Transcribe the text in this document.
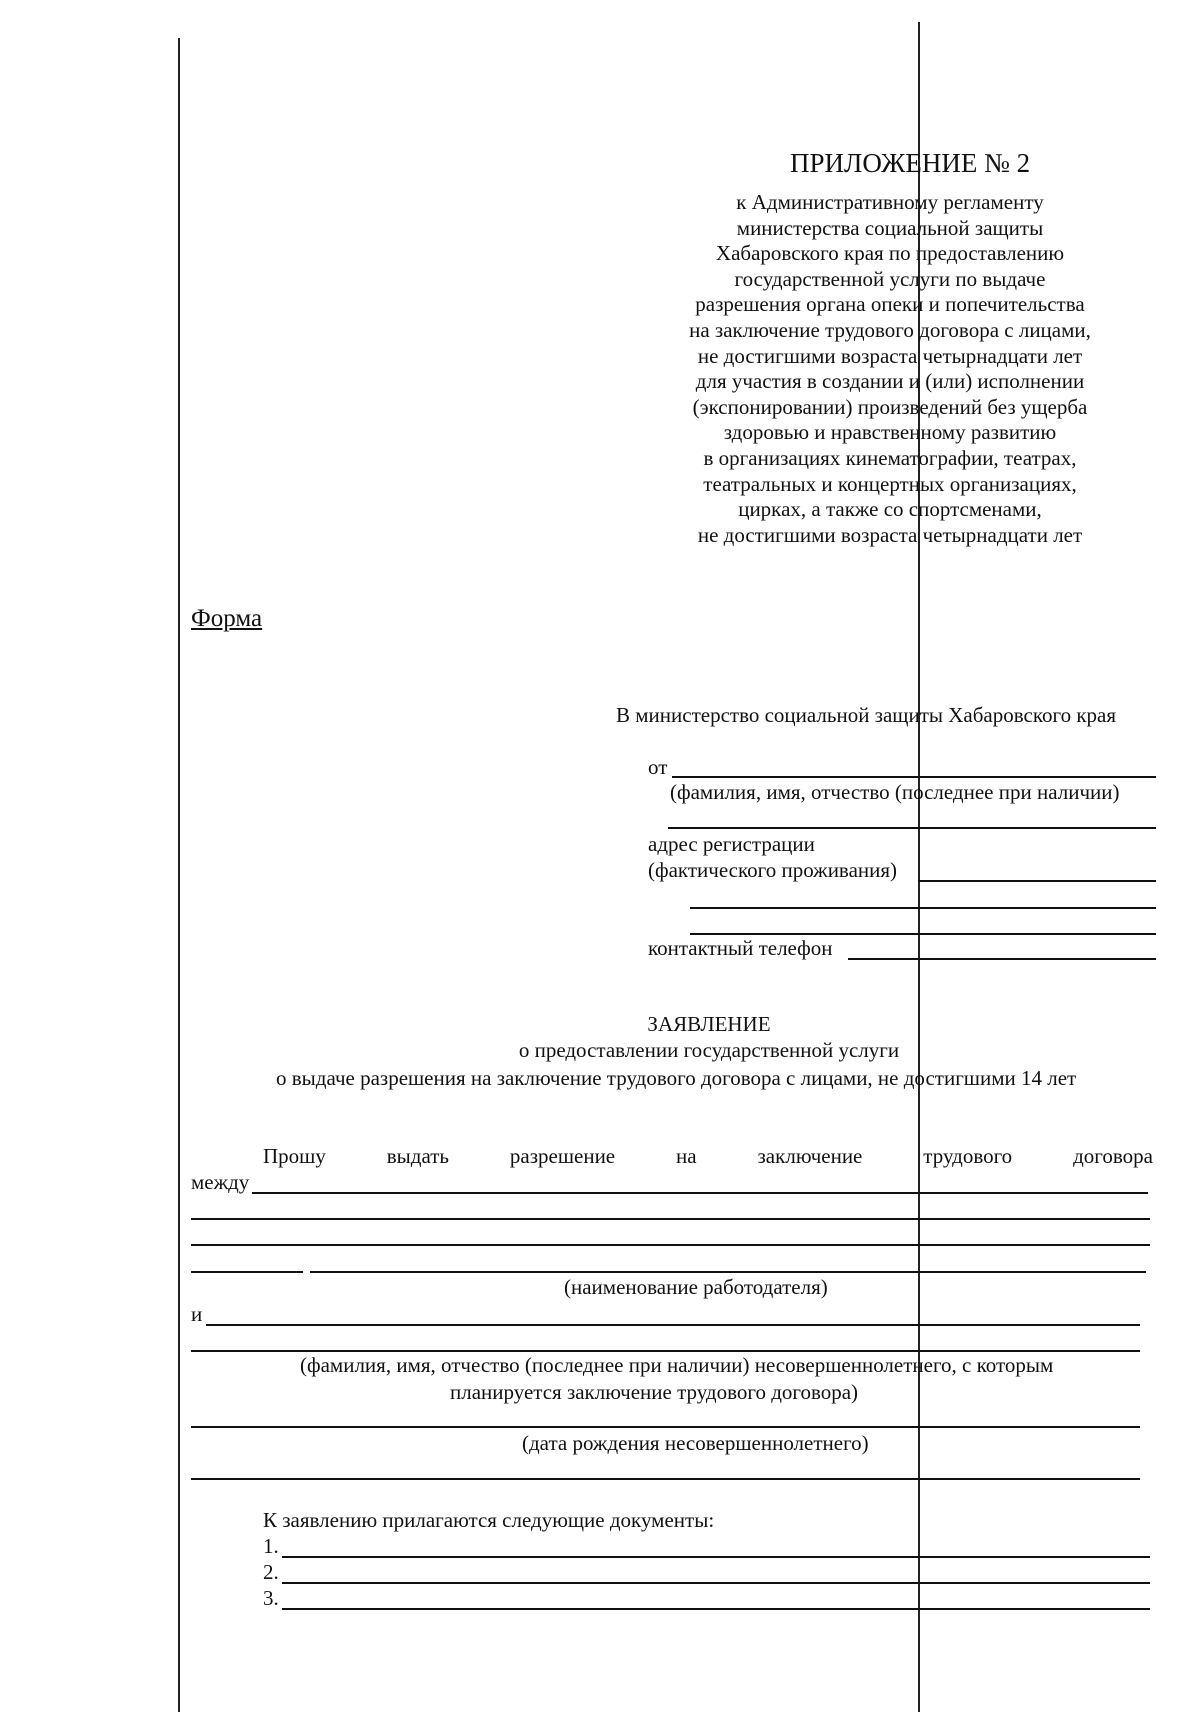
ПРИЛОЖЕНИЕ № 2
к Административному регламенту
министерства социальной защиты
Хабаровского края по предоставлению
государственной услуги по выдаче
разрешения органа опеки и попечительства
на заключение трудового договора с лицами,
не достигшими возраста четырнадцати лет
для участия в создании и (или) исполнении
(экспонировании) произведений без ущерба
здоровью и нравственному развитию
в организациях кинематографии, театрах,
театральных и концертных организациях,
цирках, а также со спортсменами,
не достигшими возраста четырнадцати лет
Форма
В министерство социальной защиты Хабаровского края
от
(фамилия, имя, отчество (последнее при наличии)
адрес регистрации
(фактического проживания)
контактный телефон
ЗАЯВЛЕНИЕ
о предоставлении государственной услуги
о выдаче разрешения на заключение трудового договора с лицами, не достигшими 14 лет
Прошу	выдать	разрешение	на	заключение	трудового	договора
между
(наименование работодателя)
и
(фамилия, имя, отчество (последнее при наличии) несовершеннолетнего, с которым
планируется заключение трудового договора)
(дата рождения несовершеннолетнего)
К заявлению прилагаются следующие документы:
1.
2.
3.
